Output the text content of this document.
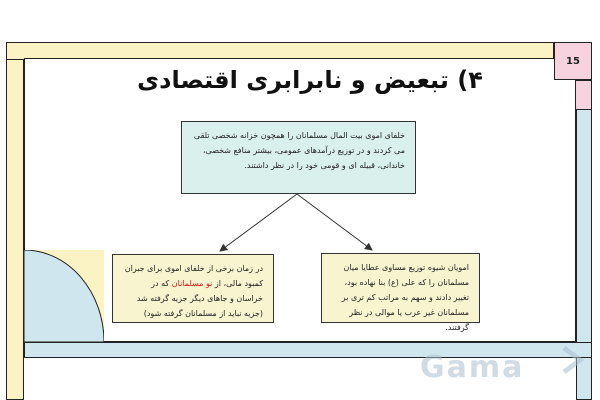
15
۴) تبعیض و نابرابری اقتصادی
خلفای اموی بیت المال مسلمانان را همچون خزانه شخصی تلقی می کردند و در توزیع درآمدهای عمومی، بیشتر منافع شخصی، خاندانی، قبیله ای و قومی خود را در نظر داشتند.
در زمان برخی از خلفای اموی برای جبران کمبود مالی، از نو مسلمانان که در خراسان و جاهای دیگر جزیه گرفته شد (جزیه نباید از مسلمانان گرفته شود)
امویان شیوه توزیع مساوی عطایا میان مسلمانان را که علی (ع) بنا نهاده بود، تغییر دادند و سهم به مراتب کم تری بر مسلمانان غیر عرب یا موالی در نظر گرفتند.
Gama
